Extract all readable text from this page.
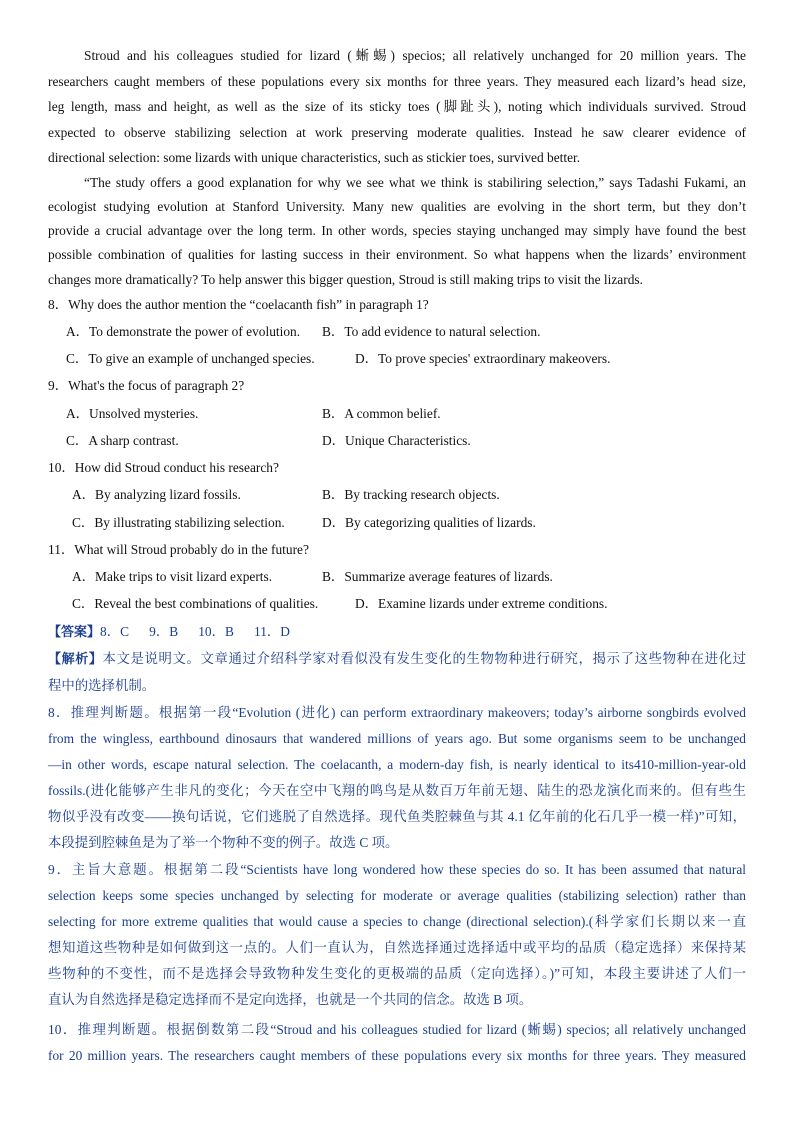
Stroud and his colleagues studied for lizard (蜥蜴) specios; all relatively unchanged for 20 million years. The
researchers caught members of these populations every six months for three years. They measured each lizard’s head size,
leg length, mass and height, as well as the size of its sticky toes (脚趾头), noting which individuals survived. Stroud
expected to observe stabilizing selection at work preserving moderate qualities. Instead he saw clearer evidence of
directional selection: some lizards with unique characteristics, such as stickier toes, survived better.
“The study offers a good explanation for why we see what we think is stabiliring selection,” says Tadashi Fukami, an
ecologist studying evolution at Stanford University. Many new qualities are evolving in the short term, but they don’t
provide a crucial advantage over the long term. In other words, species staying unchanged may simply have found the best
possible combination of qualities for lasting success in their environment. So what happens when the lizards’ environment
changes more dramatically? To help answer this bigger question, Stroud is still making trips to visit the lizards.
8．Why does the author mention the “coelacanth fish” in paragraph 1?
A．To demonstrate the power of evolution. B．To add evidence to natural selection.
C．To give an example of unchanged species.	D．To prove species' extraordinary makeovers.
9．What's the focus of paragraph 2?
A．Unsolved mysteries.	B．A common belief.
C．A sharp contrast.	D．Unique Characteristics.
10．How did Stroud conduct his research?
A．By analyzing lizard fossils.	B．By tracking research objects.
C．By illustrating stabilizing selection.	D．By categorizing qualities of lizards.
11．What will Stroud probably do in the future?
A．Make trips to visit lizard experts.	B．Summarize average features of lizards.
C．Reveal the best combinations of qualities.	D．Examine lizards under extreme conditions.
【答案】8．C      9．B      10．B      11．D
【解析】本文是说明文。文章通过介绍科学家对看似没有发生变化的生物物种进行研究，揭示了这些物种在进化过
程中的选择机制。
8．推理判断题。根据第一段“Evolution (进化) can perform extraordinary makeovers; today’s airborne songbirds evolved
from the wingless, earthbound dinosaurs that wandered millions of years ago. But some organisms seem to be unchanged
—in other words, escape natural selection. The coelacanth, a modern-day fish, is nearly identical to its410-million-year-old
fossils.(进化能够产生非凡的变化；今天在空中飞翔的鸣鸟是从数百万年前无翅、陆生的恐龙演化而来的。但有些生
物似乎没有改变——换句话说，它们逃脱了自然选择。现代鱼类腔棘鱼与其 4.1 亿年前的化石几乎一模一样)”可知，
本段提到腔棘鱼是为了举一个物种不变的例子。故选 C 项。
9．主旨大意题。根据第二段“Scientists have long wondered how these species do so. It has been assumed that natural
selection keeps some species unchanged by selecting for moderate or average qualities (stabilizing selection) rather than
selecting for more extreme qualities that would cause a species to change (directional selection).(科学家们长期以来一直
想知道这些物种是如何做到这一点的。人们一直认为，自然选择通过选择适中或平均的品质（稳定选择）来保持某
些物种的不变性，而不是选择会导致物种发生变化的更极端的品质（定向选择）。)”可知，本段主要讲述了人们一
直认为自然选择是稳定选择而不是定向选择，也就是一个共同的信念。故选 B 项。
10．推理判断题。根据倒数第二段“Stroud and his colleagues studied for lizard (蜥蜴) specios; all relatively unchanged
for 20 million years. The researchers caught members of these populations every six months for three years. They measured
